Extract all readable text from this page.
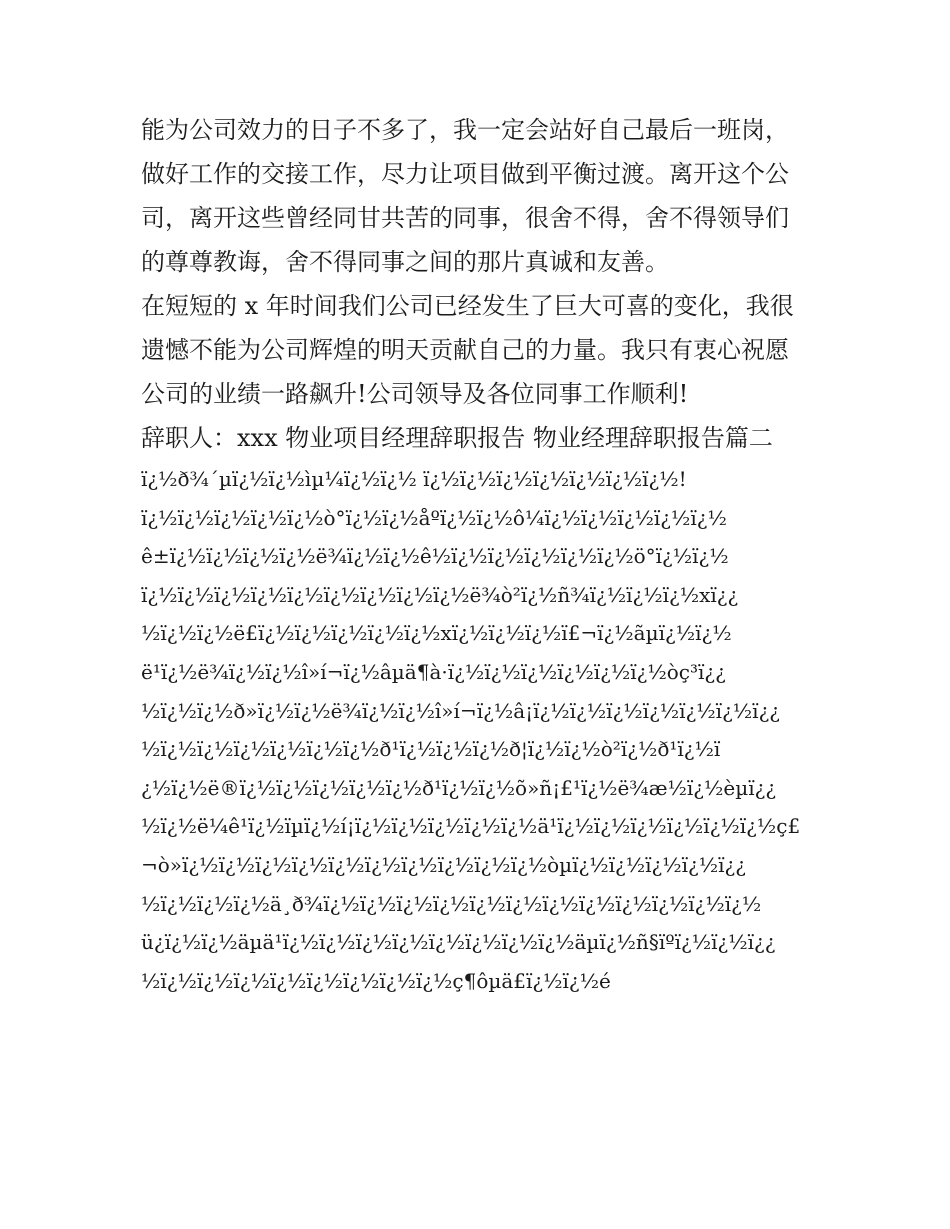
能为公司效力的日子不多了，我一定会站好自己最后一班岗，
做好工作的交接工作，尽力让项目做到平衡过渡。离开这个公
司，离开这些曾经同甘共苦的同事，很舍不得，舍不得领导们
的尊尊教诲，舍不得同事之间的那片真诚和友善。
在短短的 x 年时间我们公司已经发生了巨大可喜的变化，我很
遗憾不能为公司辉煌的明天贡献自己的力量。我只有衷心祝愿
公司的业绩一路飙升!公司领导及各位同事工作顺利!
辞职人：xxx 物业项目经理辞职报告 物业经理辞职报告篇二
ï¿½ð¾´µï¿½ï¿½ìµ¼ï¿½ï¿½ ï¿½ï¿½ï¿½ï¿½ï¿½ï¿½ï¿½!
ï¿½ï¿½ï¿½ï¿½ï¿½ò°ï¿½ï¿½åºï¿½ï¿½ô¼ï¿½ï¿½ï¿½ï¿½ï¿½
ê±ï¿½ï¿½ï¿½ï¿½ë¾ï¿½ï¿½ê½ï¿½ï¿½ï¿½ï¿½ï¿½ö°ï¿½ï¿½
ï¿½ï¿½ï¿½ï¿½ï¿½ï¿½ï¿½ï¿½ï¿½ë¾ò²ï¿½ñ¾ï¿½ï¿½ï¿½xï¿¿
½ï¿½ï¿½ë£ï¿½ï¿½ï¿½ï¿½ï¿½xï¿½ï¿½ï¿½ï£¬ï¿½ãµï¿½ï¿½
ë¹ï¿½ë¾ï¿½ï¿½î»í¬ï¿½âµä¶à·ï¿½ï¿½ï¿½ï¿½ï¿½ï¿½òç³ï¿¿
½ï¿½ï¿½ð»ï¿½ï¿½ë¾ï¿½ï¿½î»í¬ï¿½â¡ï¿½ï¿½ï¿½ï¿½ï¿½ï¿½ï¿¿
½ï¿½ï¿½ï¿½ï¿½ï¿½ï¿½ð¹ï¿½ï¿½ï¿½ð¦ï¿½ï¿½ò²ï¿½ð¹ï¿½ï
¿½ï¿½ë®ï¿½ï¿½ï¿½ï¿½ï¿½ð¹ï¿½ï¿½õ»ñ¡£¹ï¿½ë¾æ½ï¿½èµï¿¿
½ï¿½ë¼ê¹ï¿½ïµï¿½í¡ï¿½ï¿½ï¿½ï¿½ï¿½ä¹ï¿½ï¿½ï¿½ï¿½ï¿½ï¿½ç£
¬ò»ï¿½ï¿½ï¿½ï¿½ï¿½ï¿½ï¿½ï¿½ï¿½ï¿½òµï¿½ï¿½ï¿½ï¿½ï¿¿
½ï¿½ï¿½ï¿½ä¸ð¾ï¿½ï¿½ï¿½ï¿½ï¿½ï¿½ï¿½ï¿½ï¿½ï¿½ï¿½ï¿½
ü¿ï¿½ï¿½äµä¹ï¿½ï¿½ï¿½ï¿½ï¿½ï¿½ï¿½ï¿½äµï¿½ñ§ïºï¿½ï¿½ï¿¿
½ï¿½ï¿½ï¿½ï¿½ï¿½ï¿½ï¿½ï¿½ç¶ôµä£ï¿½ï¿½é
